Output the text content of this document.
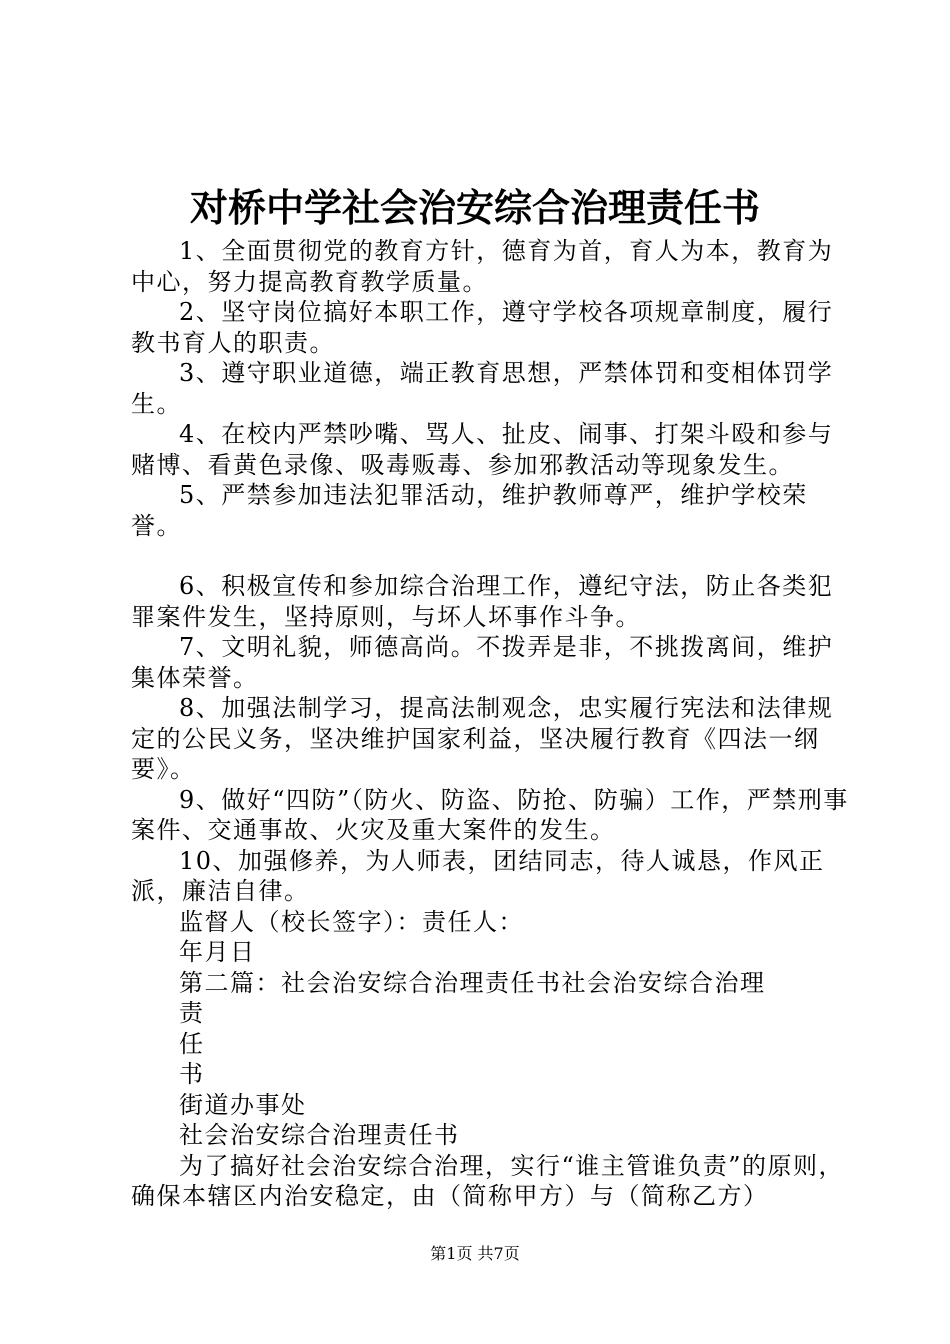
对桥中学社会治安综合治理责任书

1、全面贯彻党的教育方针，德育为首，育人为本，教育为中心，努力提高教育教学质量。

2、坚守岗位搞好本职工作，遵守学校各项规章制度，履行教书育人的职责。

3、遵守职业道德，端正教育思想，严禁体罚和变相体罚学生。

4、在校内严禁吵嘴、骂人、扯皮、闹事、打架斗殴和参与赌博、看黄色录像、吸毒贩毒、参加邪教活动等现象发生。

5、严禁参加违法犯罪活动，维护教师尊严，维护学校荣誉。

6、积极宣传和参加综合治理工作，遵纪守法，防止各类犯罪案件发生，坚持原则，与坏人坏事作斗争。

7、文明礼貌，师德高尚。不拨弄是非，不挑拨离间，维护集体荣誉。

8、加强法制学习，提高法制观念，忠实履行宪法和法律规定的公民义务，坚决维护国家利益，坚决履行教育《四法一纲要》。

9、做好“四防”（防火、防盗、防抢、防骗）工作，严禁刑事案件、交通事故、火灾及重大案件的发生。

10、加强修养，为人师表，团结同志，待人诚恳，作风正派，廉洁自律。

监督人（校长签字）：责任人：

年月日

第二篇：社会治安综合治理责任书社会治安综合治理

责

任

书

街道办事处

社会治安综合治理责任书

为了搞好社会治安综合治理，实行“谁主管谁负责”的原则，确保本辖区内治安稳定，由（简称甲方）与（简称乙方）

第1页 共7页
